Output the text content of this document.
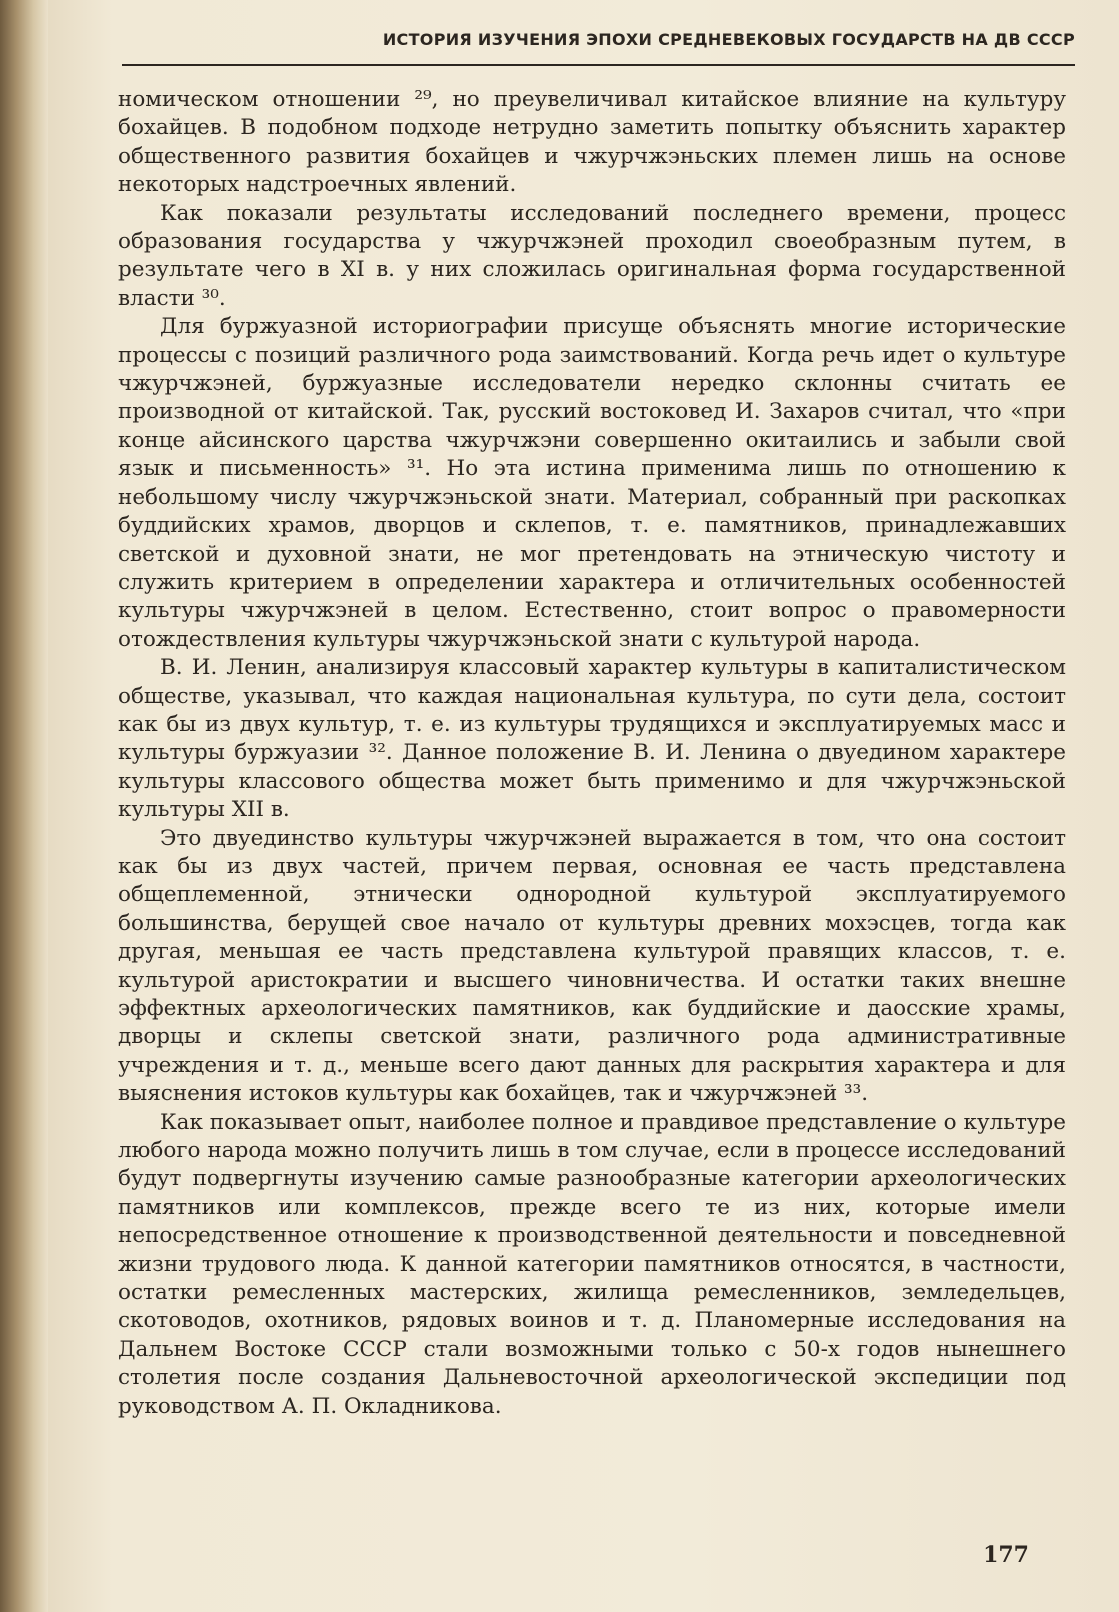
ИСТОРИЯ ИЗУЧЕНИЯ ЭПОХИ СРЕДНЕВЕКОВЫХ ГОСУДАРСТВ НА ДВ СССР

номическом отношении ²⁹, но преувеличивал китайское влияние на культуру бохайцев. В подобном подходе нетрудно заметить попытку объяснить характер общественного развития бохайцев и чжурчжэньских племен лишь на основе некоторых надстроечных явлений.

Как показали результаты исследований последнего времени, процесс образования государства у чжурчжэней проходил своеобразным путем, в результате чего в XI в. у них сложилась оригинальная форма государственной власти ³⁰.

Для буржуазной историографии присуще объяснять многие исторические процессы с позиций различного рода заимствований. Когда речь идет о культуре чжурчжэней, буржуазные исследователи нередко склонны считать ее производной от китайской. Так, русский востоковед И. Захаров считал, что «при конце айсинского царства чжурчжэни совершенно окитаились и забыли свой язык и письменность» ³¹. Но эта истина применима лишь по отношению к небольшому числу чжурчжэньской знати. Материал, собранный при раскопках буддийских храмов, дворцов и склепов, т. е. памятников, принадлежавших светской и духовной знати, не мог претендовать на этническую чистоту и служить критерием в определении характера и отличительных особенностей культуры чжурчжэней в целом. Естественно, стоит вопрос о правомерности отождествления культуры чжурчжэньской знати с культурой народа.

В. И. Ленин, анализируя классовый характер культуры в капиталистическом обществе, указывал, что каждая национальная культура, по сути дела, состоит как бы из двух культур, т. е. из культуры трудящихся и эксплуатируемых масс и культуры буржуазии ³². Данное положение В. И. Ленина о двуедином характере культуры классового общества может быть применимо и для чжурчжэньской культуры XII в.

Это двуединство культуры чжурчжэней выражается в том, что она состоит как бы из двух частей, причем первая, основная ее часть представлена общеплеменной, этнически однородной культурой эксплуатируемого большинства, берущей свое начало от культуры древних мохэсцев, тогда как другая, меньшая ее часть представлена культурой правящих классов, т. е. культурой аристократии и высшего чиновничества. И остатки таких внешне эффектных археологических памятников, как буддийские и даосские храмы, дворцы и склепы светской знати, различного рода административные учреждения и т. д., меньше всего дают данных для раскрытия характера и для выяснения истоков культуры как бохайцев, так и чжурчжэней ³³.

Как показывает опыт, наиболее полное и правдивое представление о культуре любого народа можно получить лишь в том случае, если в процессе исследований будут подвергнуты изучению самые разнообразные категории археологических памятников или комплексов, прежде всего те из них, которые имели непосредственное отношение к производственной деятельности и повседневной жизни трудового люда. К данной категории памятников относятся, в частности, остатки ремесленных мастерских, жилища ремесленников, земледельцев, скотоводов, охотников, рядовых воинов и т. д. Планомерные исследования на Дальнем Востоке СССР стали возможными только с 50-х годов нынешнего столетия после создания Дальневосточной археологической экспедиции под руководством А. П. Окладникова.

177
